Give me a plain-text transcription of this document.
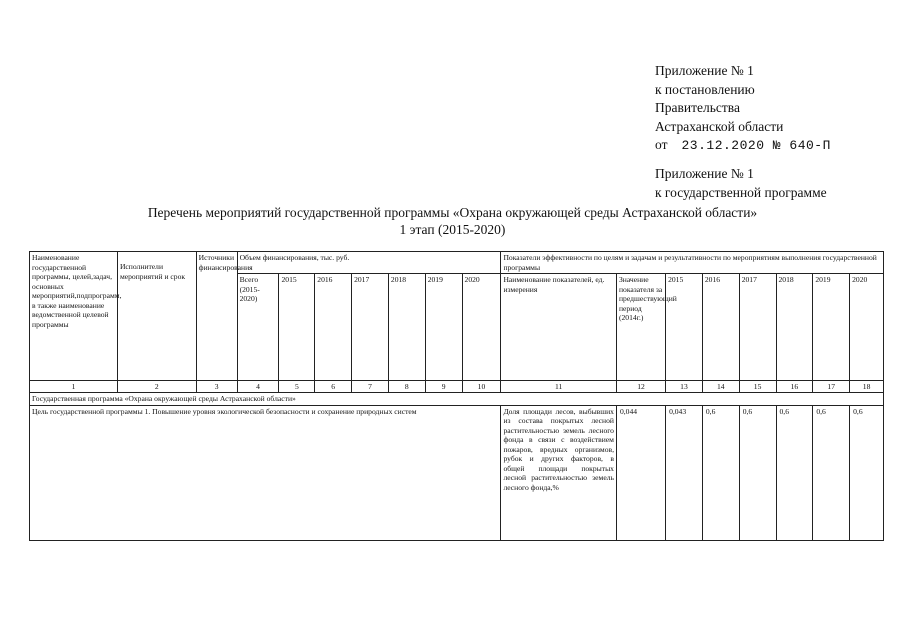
Приложение № 1
к постановлению
Правительства
Астраханской области
от 23.12.2020 № 640-П
Приложение № 1
к государственной программе
Перечень мероприятий государственной программы «Охрана окружающей среды Астраханской области»
1 этап (2015-2020)
Наименование государственной программы, целей,задач, основных мероприятий,подпрограмм, в также наименование ведомственной целевой программы	Исполнители мероприятий и срок	Источники финансирования	Объем финансирования, тыс. руб.							Показатели эффективности по целям и задачам и результативности по мероприятиям выполнения государственной программы							
			Всего (2015-2020)	2015	2016	2017	2018	2019	2020	Наименование показателей, ед. измерения	Значение показателя за предшествующий период (2014г.)	2015	2016	2017	2018	2019	2020
1	2	3	4	5	6	7	8	9	10	11	12	13	14	15	16	17	18
Государственная программа «Охрана окружающей среды Астраханской области»																	
Цель государственной программы 1. Повышение уровня экологической безопасности и сохранение природных систем										Доля площади лесов, выбывших из состава покрытых лесной растительностью земель лесного фонда в связи с воздействием пожаров, вредных организмов, рубок и других факторов, в общей площади покрытых лесной растительностью земель лесного фонда,%	0,044	0,043	0,6	0,6	0,6	0,6	0,6
